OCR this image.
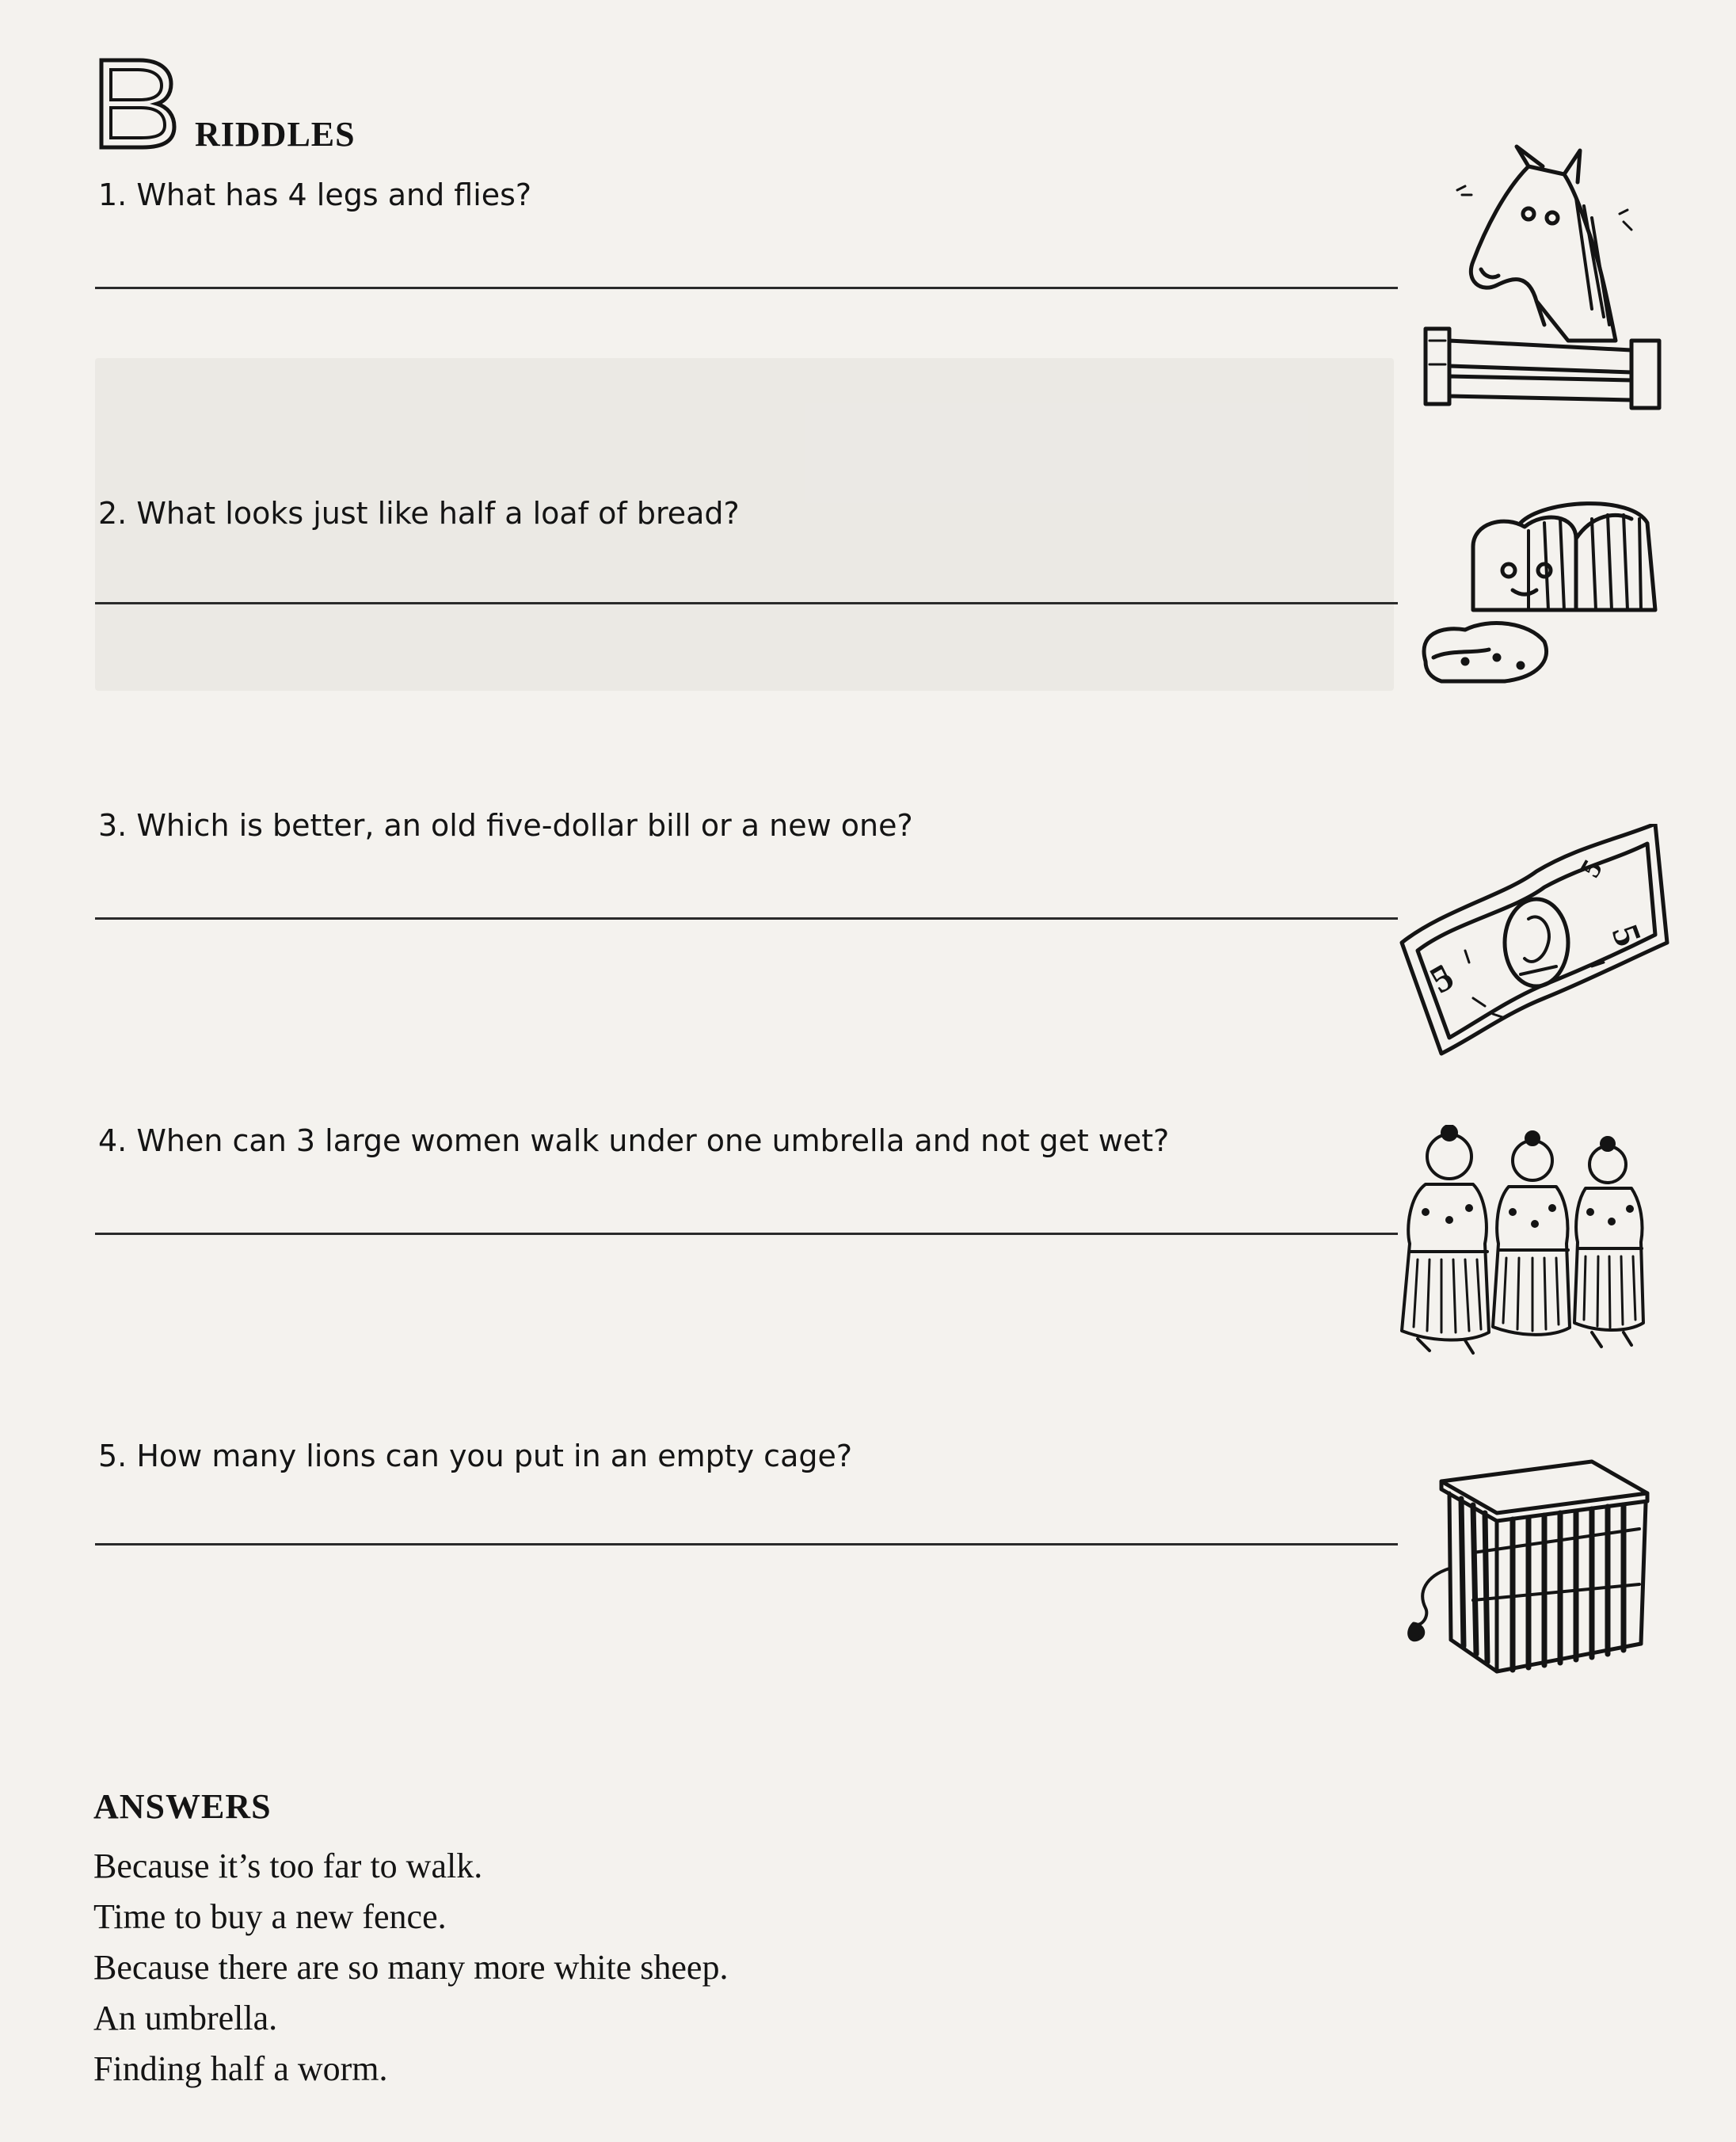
RIDDLES
1. What has 4 legs and flies?
2. What looks just like half a loaf of bread?
3. Which is better, an old five-dollar bill or a new one?
4. When can 3 large women walk under one umbrella and not get wet?
5. How many lions can you put in an empty cage?
5
5
5
ANSWERS
Because it’s too far to walk.
Time to buy a new fence.
Because there are so many more white sheep.
An umbrella.
Finding half a worm.
